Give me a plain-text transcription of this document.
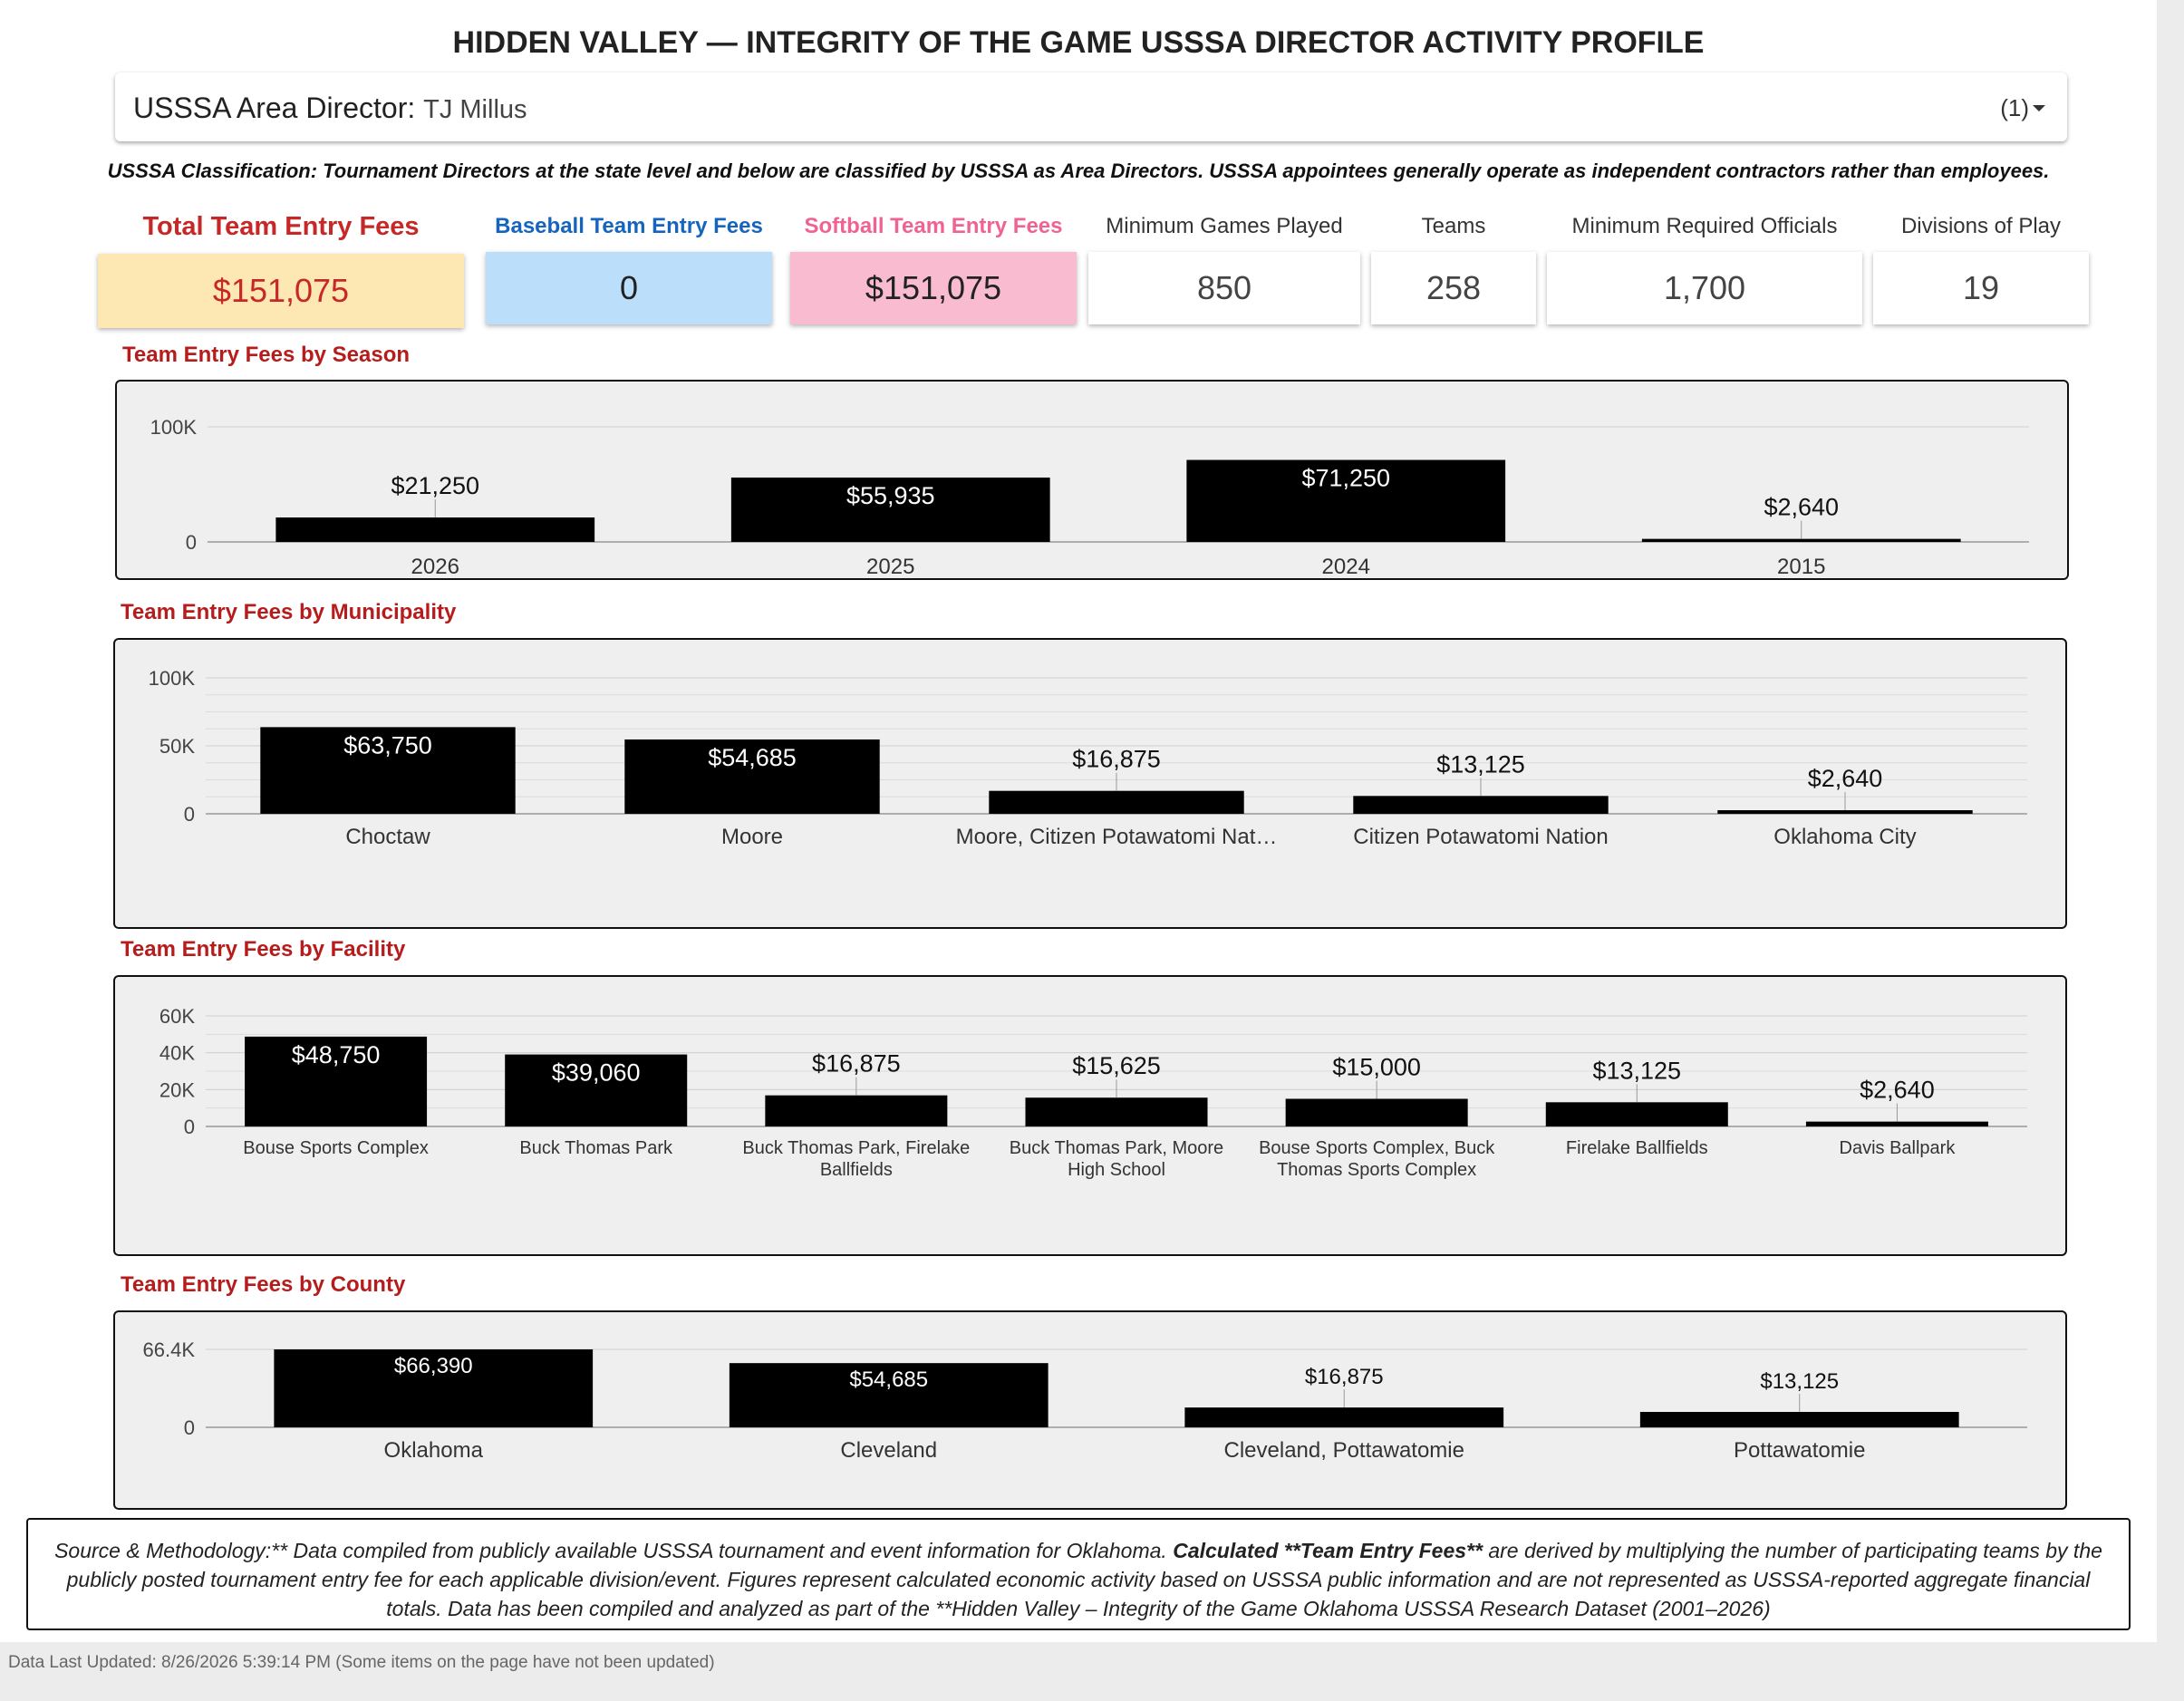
HIDDEN VALLEY — INTEGRITY OF THE GAME USSSA DIRECTOR ACTIVITY PROFILE
USSSA Area Director: TJ Millus	(1)
USSSA Classification: Tournament Directors at the state level and below are classified by USSSA as Area Directors. USSSA appointees generally operate as independent contractors rather than employees.
Total Team Entry Fees	Baseball Team Entry Fees	Softball Team Entry Fees	Minimum Games Played	Teams	Minimum Required Officials	Divisions of Play
$151,075	0	$151,075	850	258	1,700	19
Team Entry Fees by Season
0
100K
$21,250
2026
$55,935
2025
$71,250
2024
$2,640
2015
Team Entry Fees by Municipality
0
50K
100K
$63,750
Choctaw
$54,685
Moore
$16,875
Moore, Citizen Potawatomi Nat…
$13,125
Citizen Potawatomi Nation
$2,640
Oklahoma City
Team Entry Fees by Facility
0
20K
40K
60K
$48,750
Bouse Sports Complex
$39,060
Buck Thomas Park
$16,875
Buck Thomas Park, Firelake
Ballfields
$15,625
Buck Thomas Park, Moore
High School
$15,000
Bouse Sports Complex, Buck
Thomas Sports Complex
$13,125
Firelake Ballfields
$2,640
Davis Ballpark
Team Entry Fees by County
0
66.4K
$66,390
Oklahoma
$54,685
Cleveland
$16,875
Cleveland, Pottawatomie
$13,125
Pottawatomie
Source & Methodology:** Data compiled from publicly available USSSA tournament and event information for Oklahoma. Calculated **Team Entry Fees** are derived by multiplying the number of participating teams by the publicly posted tournament entry fee for each applicable division/event. Figures represent calculated economic activity based on USSSA public information and are not represented as USSSA-reported aggregate financial totals. Data has been compiled and analyzed as part of the **Hidden Valley – Integrity of the Game Oklahoma USSSA Research Dataset (2001–2026)
Data Last Updated: 8/26/2026 5:39:14 PM (Some items on the page have not been updated)
